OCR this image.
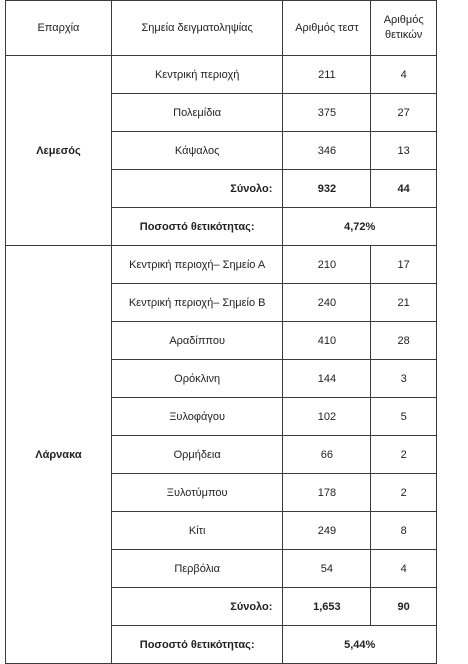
Επαρχία	Σημεία δειγματοληψίας	Αριθμός τεστ	Αριθμός θετικών
Λεμεσός	Κεντρική περιοχή	211	4
	Πολεμίδια	375	27
	Κάψαλος	346	13
	Σύνολο:	932	44
	Ποσοστό θετικότητας:	4,72%	
Λάρνακα	Κεντρική περιοχή– Σημείο Α	210	17
	Κεντρική περιοχή– Σημείο Β	240	21
	Αραδίππου	410	28
	Ορόκλινη	144	3
	Ξυλοφάγου	102	5
	Ορμήδεια	66	2
	Ξυλοτύμπου	178	2
	Κίτι	249	8
	Περβόλια	54	4
	Σύνολο:	1,653	90
	Ποσοστό θετικότητας:	5,44%	
